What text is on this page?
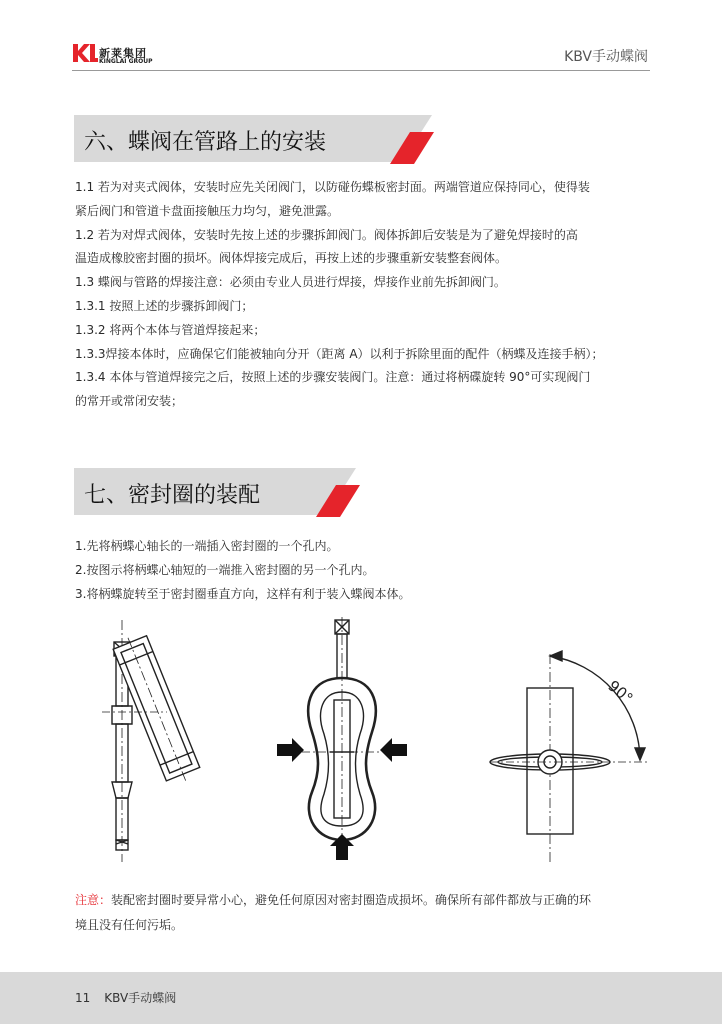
新莱集团
KINGLAI GROUP	KBV手动蝶阀
六、蝶阀在管路上的安装

1.1 若为对夹式阀体，安装时应先关闭阀门，以防碰伤蝶板密封面。两端管道应保持同心，使得装

紧后阀门和管道卡盘面接触压力均匀，避免泄露。

1.2 若为对焊式阀体，安装时先按上述的步骤拆卸阀门。阀体拆卸后安装是为了避免焊接时的高

温造成橡胶密封圈的损坏。阀体焊接完成后，再按上述的步骤重新安装整套阀体。

1.3 蝶阀与管路的焊接注意：必须由专业人员进行焊接，焊接作业前先拆卸阀门。

1.3.1 按照上述的步骤拆卸阀门；

1.3.2 将两个本体与管道焊接起来；

1.3.3焊接本体时，应确保它们能被轴向分开（距离 A）以利于拆除里面的配件（柄蝶及连接手柄）；

1.3.4 本体与管道焊接完之后，按照上述的步骤安装阀门。注意：通过将柄碟旋转 90°可实现阀门

的常开或常闭安装；

七、密封圈的装配

1.先将柄蝶心轴长的一端插入密封圈的一个孔内。

2.按图示将柄蝶心轴短的一端推入密封圈的另一个孔内。

3.将柄蝶旋转至于密封圈垂直方向，这样有利于装入蝶阀本体。

90°

注意：装配密封圈时要异常小心，避免任何原因对密封圈造成损坏。确保所有部件都放与正确的环

境且没有任何污垢。

11 KBV手动蝶阀
